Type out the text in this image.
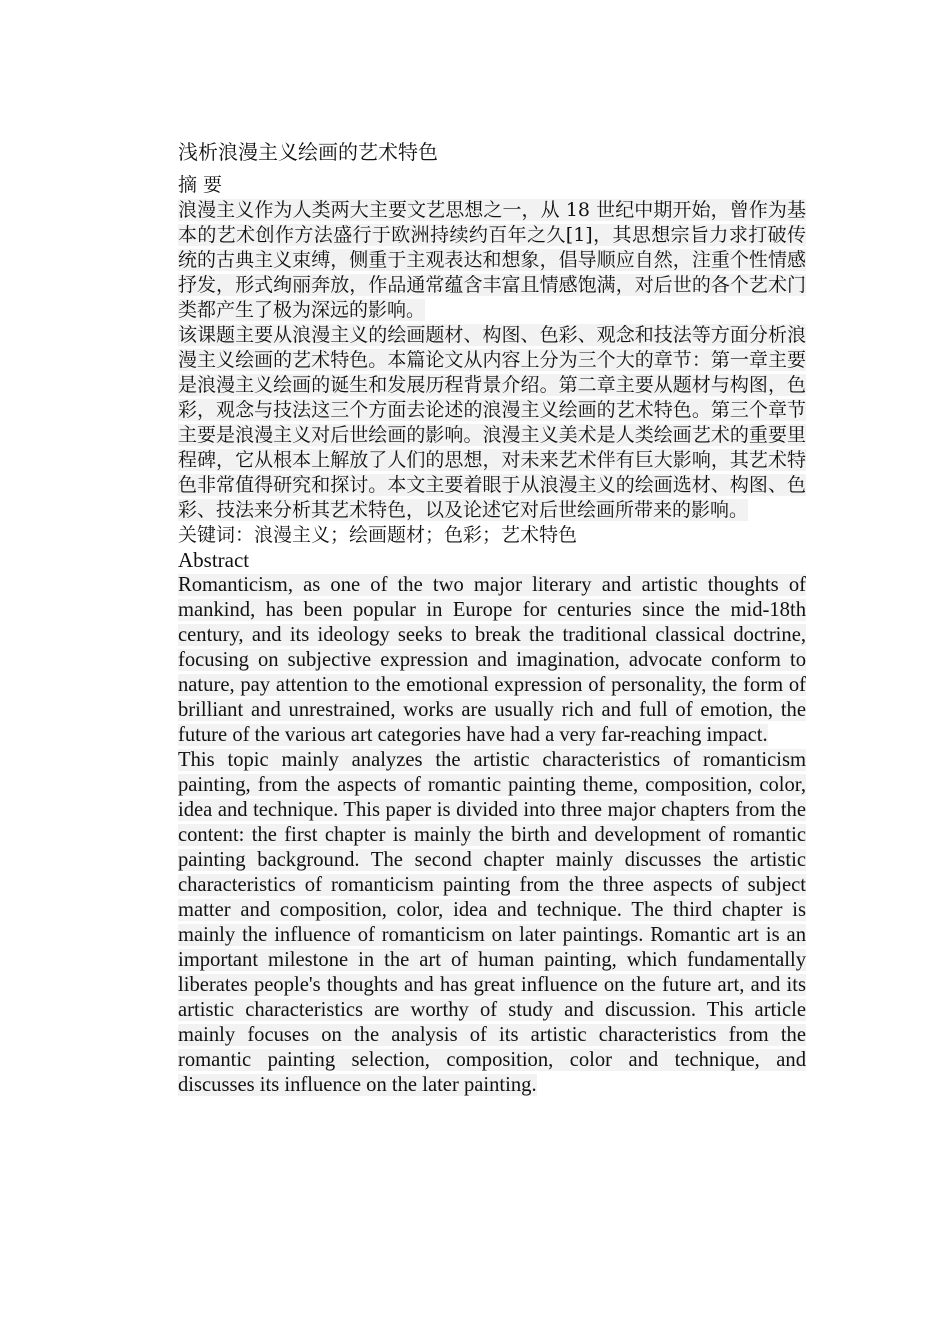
浅析浪漫主义绘画的艺术特色

摘 要

浪漫主义作为人类两大主要文艺思想之一，从 18 世纪中期开始，曾作为基本的艺术创作方法盛行于欧洲持续约百年之久[1]，其思想宗旨力求打破传统的古典主义束缚，侧重于主观表达和想象，倡导顺应自然，注重个性情感抒发，形式绚丽奔放，作品通常蕴含丰富且情感饱满，对后世的各个艺术门类都产生了极为深远的影响。

该课题主要从浪漫主义的绘画题材、构图、色彩、观念和技法等方面分析浪漫主义绘画的艺术特色。本篇论文从内容上分为三个大的章节：第一章主要是浪漫主义绘画的诞生和发展历程背景介绍。第二章主要从题材与构图，色彩，观念与技法这三个方面去论述的浪漫主义绘画的艺术特色。第三个章节主要是浪漫主义对后世绘画的影响。浪漫主义美术是人类绘画艺术的重要里程碑，它从根本上解放了人们的思想，对未来艺术伴有巨大影响，其艺术特色非常值得研究和探讨。本文主要着眼于从浪漫主义的绘画选材、构图、色彩、技法来分析其艺术特色，以及论述它对后世绘画所带来的影响。

关键词：浪漫主义；绘画题材；色彩；艺术特色

Abstract

Romanticism, as one of the two major literary and artistic thoughts of mankind, has been popular in Europe for centuries since the mid-18th century, and its ideology seeks to break the traditional classical doctrine, focusing on subjective expression and imagination, advocate conform to nature, pay attention to the emotional expression of personality, the form of brilliant and unrestrained, works are usually rich and full of emotion, the future of the various art categories have had a very far-reaching impact.

This topic mainly analyzes the artistic characteristics of romanticism painting, from the aspects of romantic painting theme, composition, color, idea and technique. This paper is divided into three major chapters from the content: the first chapter is mainly the birth and development of romantic painting background. The second chapter mainly discusses the artistic characteristics of romanticism painting from the three aspects of subject matter and composition, color, idea and technique. The third chapter is mainly the influence of romanticism on later paintings. Romantic art is an important milestone in the art of human painting, which fundamentally liberates people's thoughts and has great influence on the future art, and its artistic characteristics are worthy of study and discussion. This article mainly focuses on the analysis of its artistic characteristics from the romantic painting selection, composition, color and technique, and discusses its influence on the later painting.
